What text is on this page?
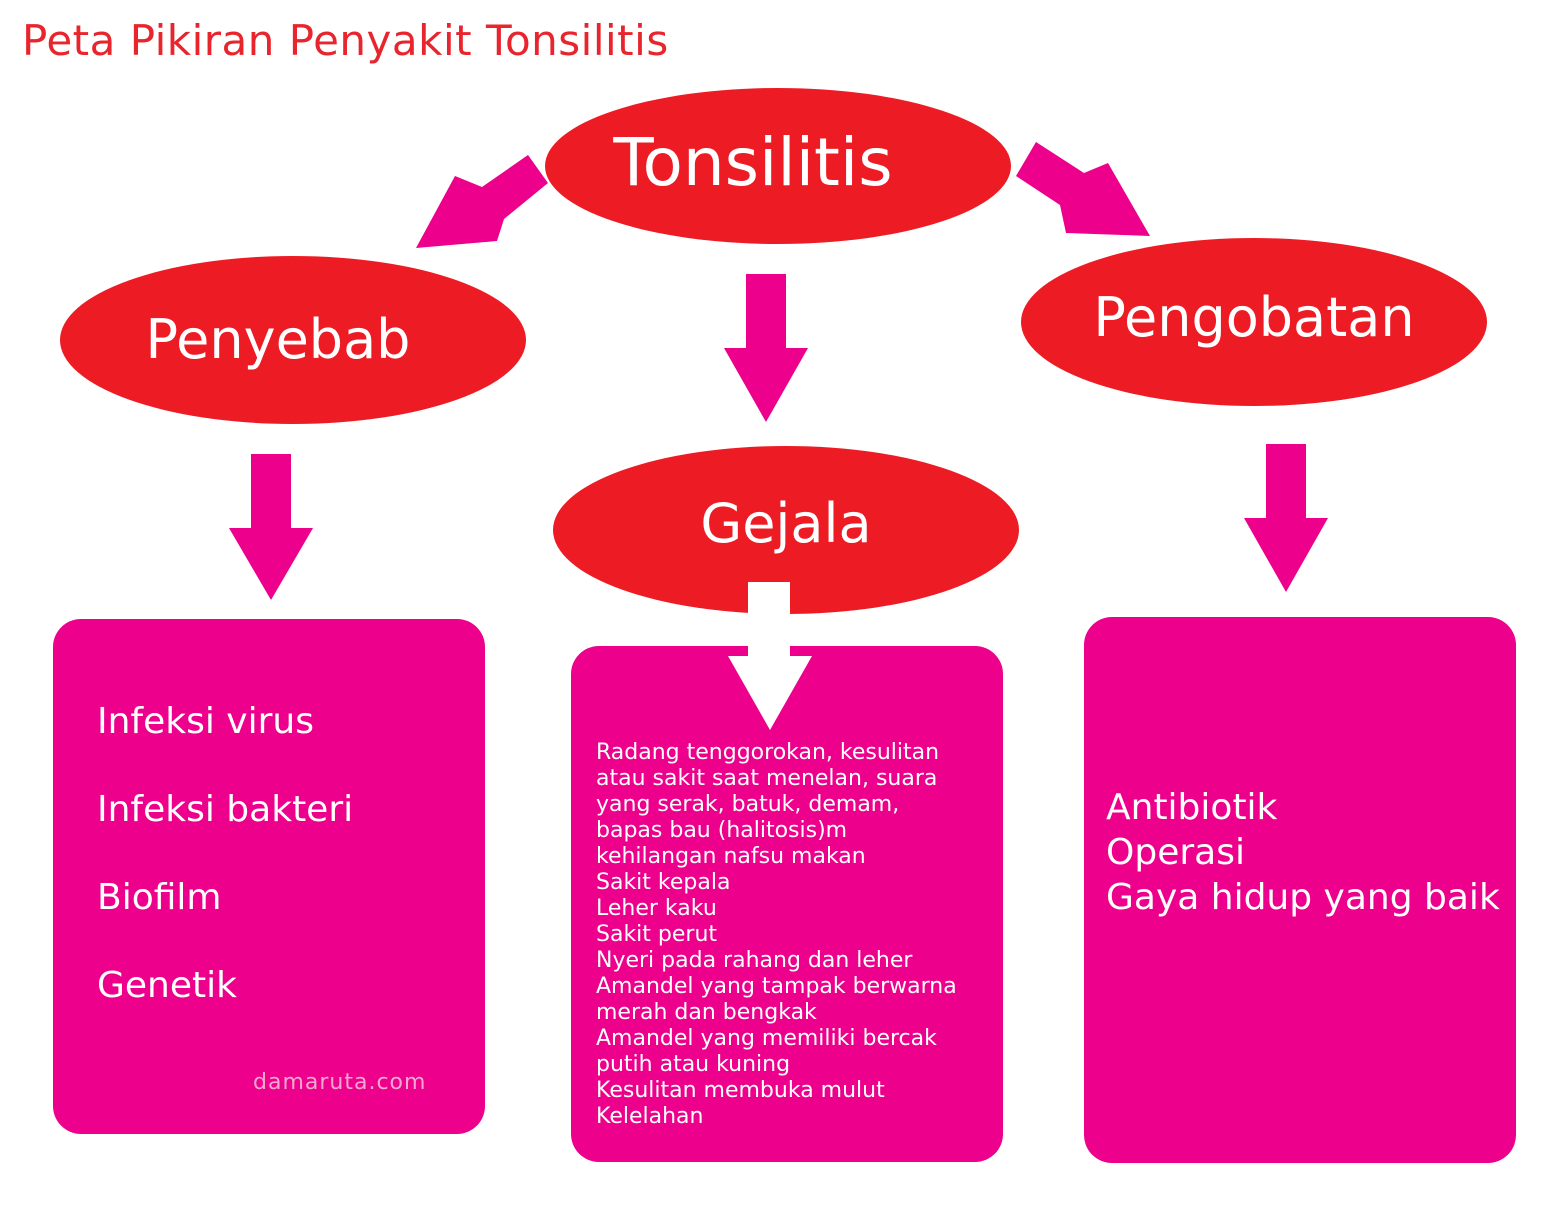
Peta Pikiran Penyakit Tonsilitis
Tonsilitis
Penyebab	Pengobatan
Gejala
Infeksi virus
Infeksi bakteri
Biofilm
Genetik
Radang tenggorokan, kesulitan
atau sakit saat menelan, suara
yang serak, batuk, demam,
bapas bau (halitosis)m
kehilangan nafsu makan
Sakit kepala
Leher kaku
Sakit perut
Nyeri pada rahang dan leher
Amandel yang tampak berwarna
merah dan bengkak
Amandel yang memiliki bercak
putih atau kuning
Kesulitan membuka mulut
Kelelahan
Antibiotik
Operasi
Gaya hidup yang baik
damaruta.com
